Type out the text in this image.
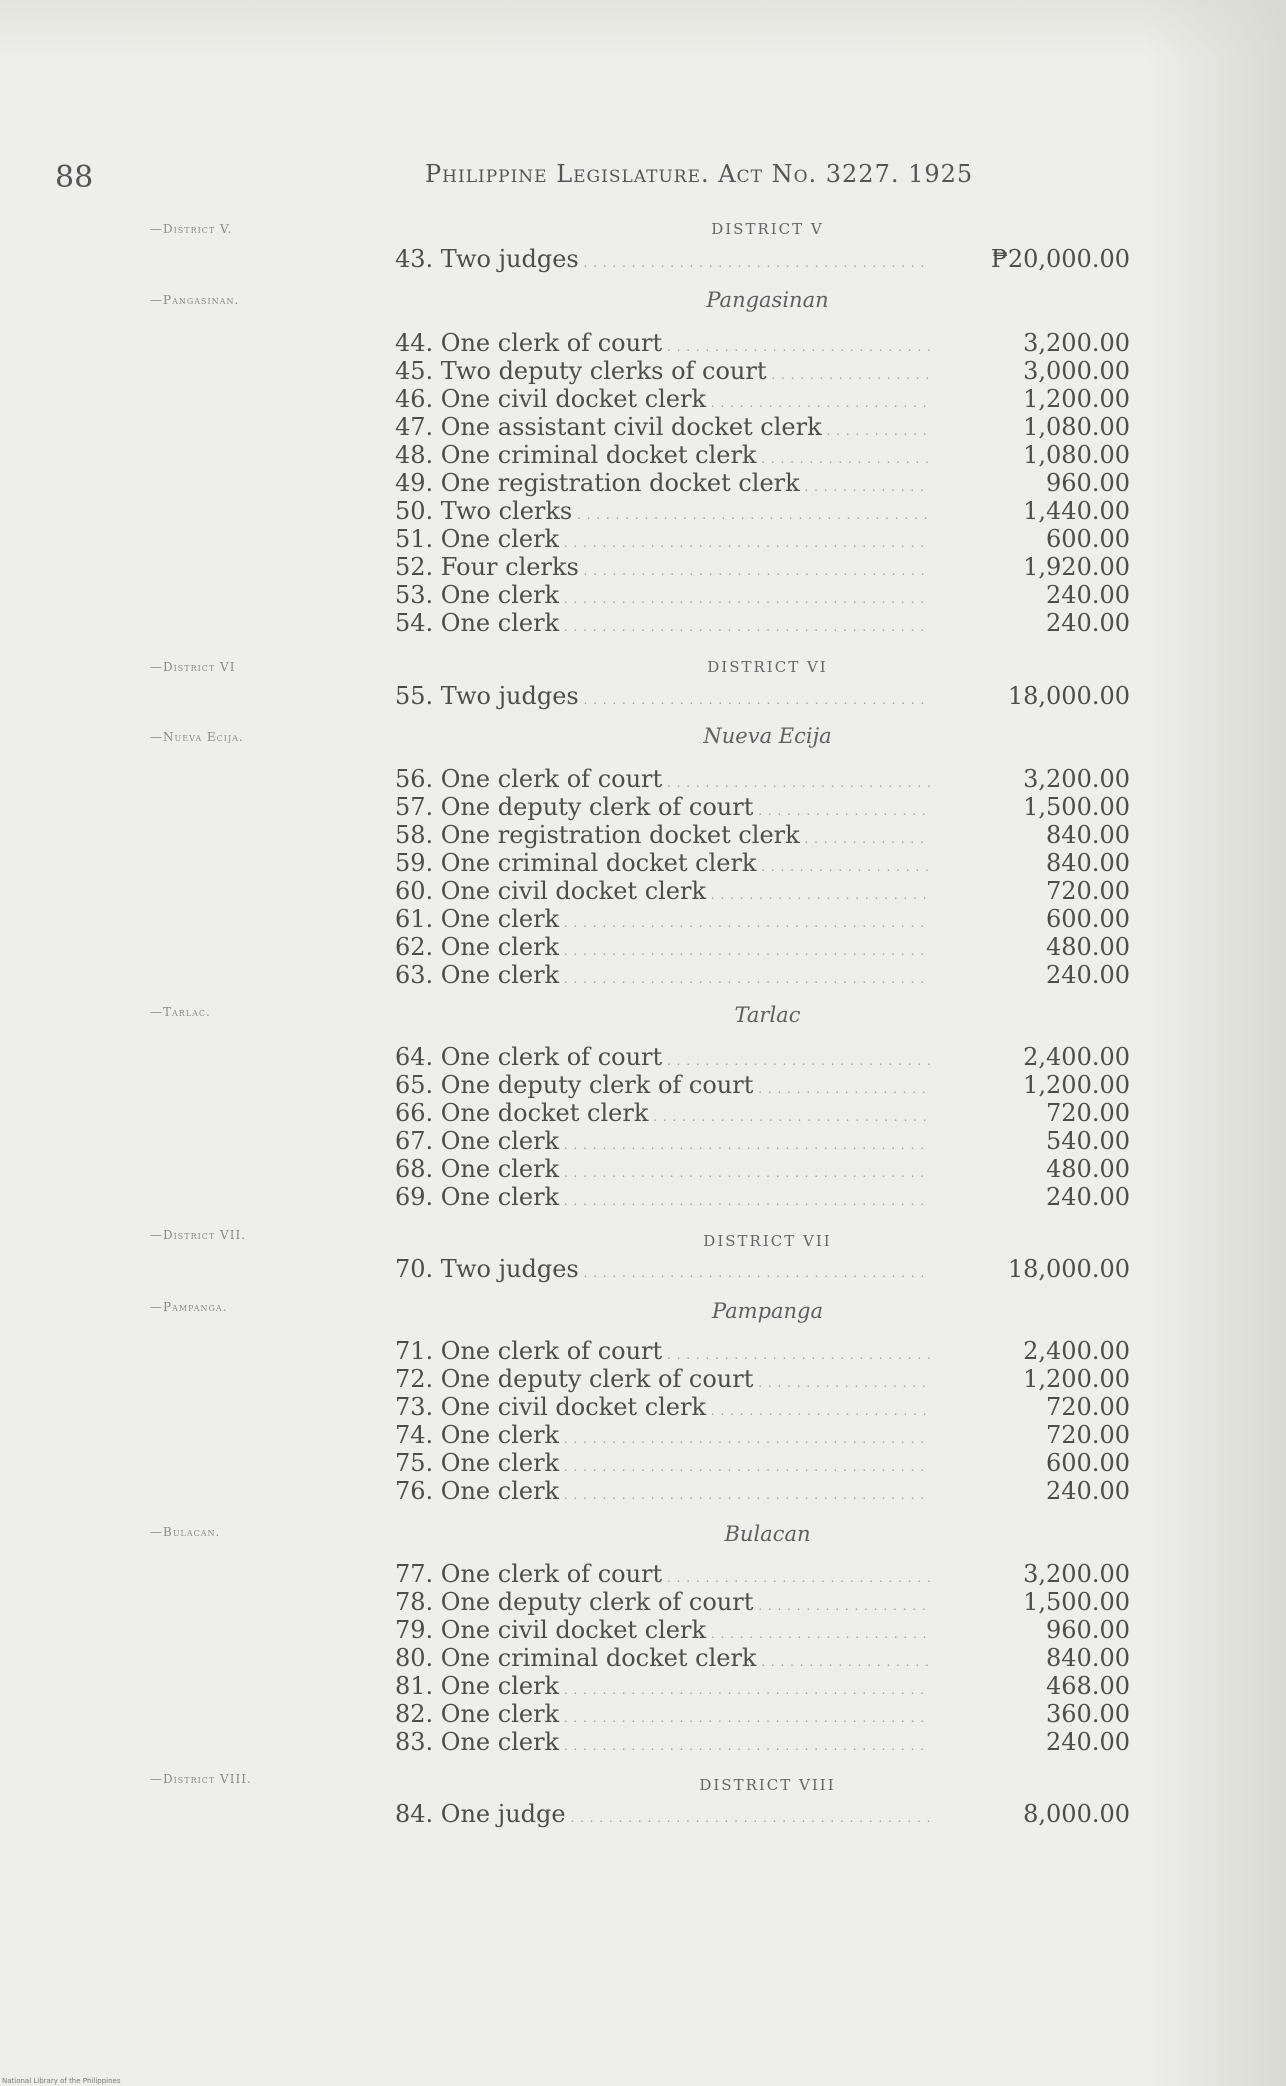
88	Philippine Legislature. Act No. 3227. 1925
—District V.
—Pangasinan.
—District VI
—Nueva Ecija.
—Tarlac.
—District VII.
—Pampanga.
—Bulacan.
—District VIII.
DISTRICT V
Pangasinan
DISTRICT VI
Nueva Ecija
Tarlac
DISTRICT VII
Pampanga
Bulacan
DISTRICT VIII
43. Two judges . . .	₱20,000.00
44. One clerk of court . . .	3,200.00
45. Two deputy clerks of court . . .	3,000.00
46. One civil docket clerk . . .	1,200.00
47. One assistant civil docket clerk . . .	1,080.00
48. One criminal docket clerk . . .	1,080.00
49. One registration docket clerk . . .	960.00
50. Two clerks . . .	1,440.00
51. One clerk . . .	600.00
52. Four clerks . . .	1,920.00
53. One clerk . . .	240.00
54. One clerk . . .	240.00
55. Two judges . . .	18,000.00
56. One clerk of court . . .	3,200.00
57. One deputy clerk of court . . .	1,500.00
58. One registration docket clerk . . .	840.00
59. One criminal docket clerk . . .	840.00
60. One civil docket clerk . . .	720.00
61. One clerk . . .	600.00
62. One clerk . . .	480.00
63. One clerk . . .	240.00
64. One clerk of court . . .	2,400.00
65. One deputy clerk of court . . .	1,200.00
66. One docket clerk . . .	720.00
67. One clerk . . .	540.00
68. One clerk . . .	480.00
69. One clerk . . .	240.00
70. Two judges . . .	18,000.00
71. One clerk of court . . .	2,400.00
72. One deputy clerk of court . . .	1,200.00
73. One civil docket clerk . . .	720.00
74. One clerk . . .	720.00
75. One clerk . . .	600.00
76. One clerk . . .	240.00
77. One clerk of court . . .	3,200.00
78. One deputy clerk of court . . .	1,500.00
79. One civil docket clerk . . .	960.00
80. One criminal docket clerk . . .	840.00
81. One clerk . . .	468.00
82. One clerk . . .	360.00
83. One clerk . . .	240.00
84. One judge . . .	8,000.00
National Library of the Philippines
